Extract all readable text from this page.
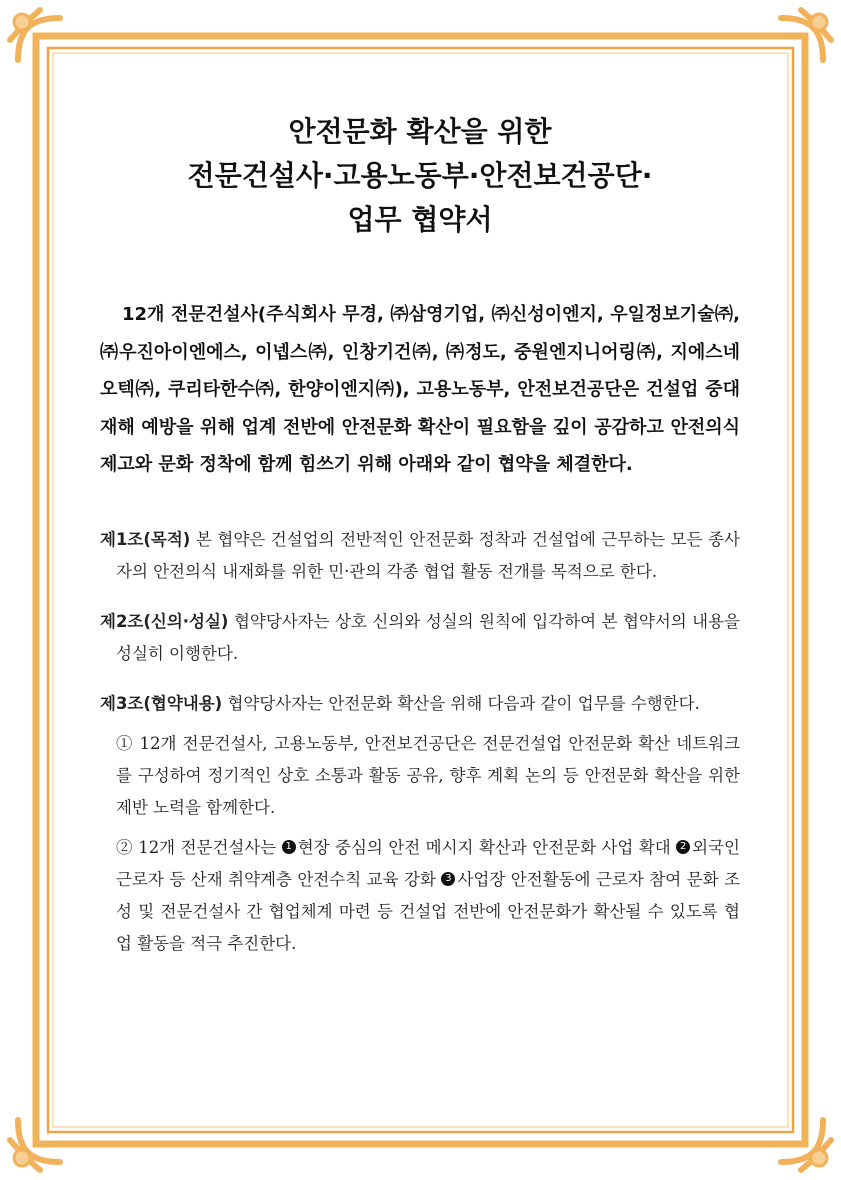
안전문화 확산을 위한
전문건설사·고용노동부·안전보건공단·
업무 협약서

12개 전문건설사(주식회사 무경, ㈜삼영기업, ㈜신성이엔지, 우일정보기술㈜, ㈜우진아이엔에스, 이넵스㈜, 인창기건㈜, ㈜정도, 중원엔지니어링㈜, 지에스네오텍㈜, 쿠리타한수㈜, 한양이엔지㈜), 고용노동부, 안전보건공단은 건설업 중대재해 예방을 위해 업계 전반에 안전문화 확산이 필요함을 깊이 공감하고 안전의식 제고와 문화 정착에 함께 힘쓰기 위해 아래와 같이 협약을 체결한다.

제1조(목적) 본 협약은 건설업의 전반적인 안전문화 정착과 건설업에 근무하는 모든 종사자의 안전의식 내재화를 위한 민·관의 각종 협업 활동 전개를 목적으로 한다.
제2조(신의·성실) 협약당사자는 상호 신의와 성실의 원칙에 입각하여 본 협약서의 내용을 성실히 이행한다.
제3조(협약내용) 협약당사자는 안전문화 확산을 위해 다음과 같이 업무를 수행한다.
① 12개 전문건설사, 고용노동부, 안전보건공단은 전문건설업 안전문화 확산 네트워크를 구성하여 정기적인 상호 소통과 활동 공유, 향후 계획 논의 등 안전문화 확산을 위한 제반 노력을 함께한다.
② 12개 전문건설사는 1 현장 중심의 안전 메시지 확산과 안전문화 사업 확대 2 외국인 근로자 등 산재 취약계층 안전수칙 교육 강화 3 사업장 안전활동에 근로자 참여 문화 조성 및 전문건설사 간 협업체계 마련 등 건설업 전반에 안전문화가 확산될 수 있도록 협업 활동을 적극 추진한다.
